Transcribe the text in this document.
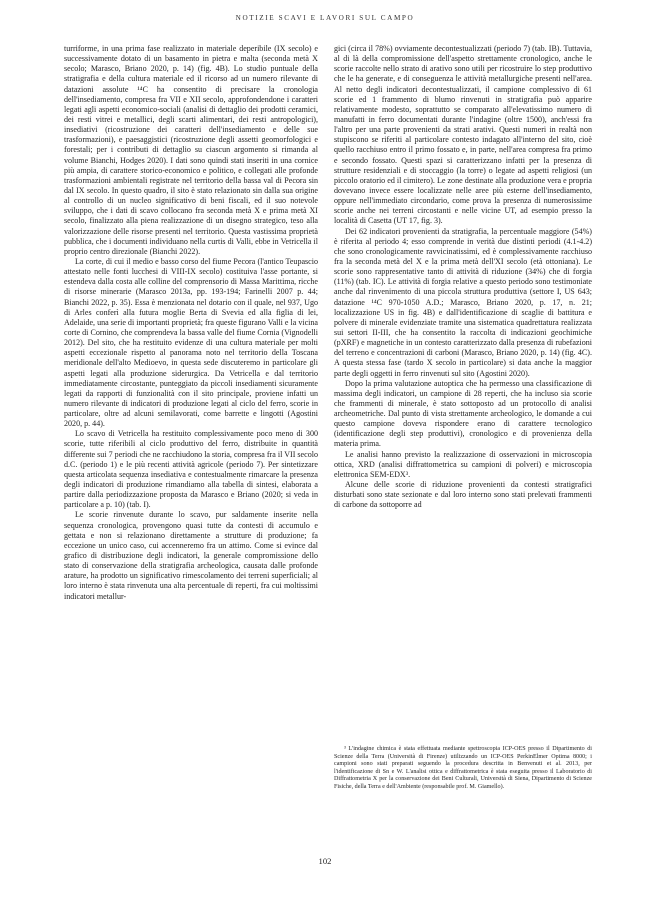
NOTIZIE SCAVI E LAVORI SUL CAMPO

turriforme, in una prima fase realizzato in materiale deperibile (IX secolo) e successivamente dotato di un basamento in pietra e malta (seconda metà X secolo; Marasco, Briano 2020, p. 14) (fig. 4B). Lo studio puntuale della stratigrafia e della cultura materiale ed il ricorso ad un numero rilevante di datazioni assolute ¹⁴C ha consentito di precisare la cronologia dell'insediamento, compresa fra VII e XII secolo, approfondendone i caratteri legati agli aspetti economico-sociali (analisi di dettaglio dei prodotti ceramici, dei resti vitrei e metallici, degli scarti alimentari, dei resti antropologici), insediativi (ricostruzione dei caratteri dell'insediamento e delle sue trasformazioni), e paesaggistici (ricostruzione degli assetti geomorfologici e forestali; per i contributi di dettaglio su ciascun argomento si rimanda al volume Bianchi, Hodges 2020). I dati sono quindi stati inseriti in una cornice più ampia, di carattere storico-economico e politico, e collegati alle profonde trasformazioni ambientali registrate nel territorio della bassa val di Pecora sin dal IX secolo. In questo quadro, il sito è stato relazionato sin dalla sua origine al controllo di un nucleo significativo di beni fiscali, ed il suo notevole sviluppo, che i dati di scavo collocano fra seconda metà X e prima metà XI secolo, finalizzato alla piena realizzazione di un disegno strategico, teso alla valorizzazione delle risorse presenti nel territorio. Questa vastissima proprietà pubblica, che i documenti individuano nella curtis di Valli, ebbe in Vetricella il proprio centro direzionale (Bianchi 2022).

La corte, di cui il medio e basso corso del fiume Pecora (l'antico Teupascio attestato nelle fonti lucchesi di VIII-IX secolo) costituiva l'asse portante, si estendeva dalla costa alle colline del comprensorio di Massa Marittima, ricche di risorse minerarie (Marasco 2013a, pp. 193-194; Farinelli 2007 p. 44; Bianchi 2022, p. 35). Essa è menzionata nel dotario con il quale, nel 937, Ugo di Arles conferì alla futura moglie Berta di Svevia ed alla figlia di lei, Adelaide, una serie di importanti proprietà; fra queste figurano Valli e la vicina corte di Cornino, che comprendeva la bassa valle del fiume Cornia (Vignodelli 2012). Del sito, che ha restituito evidenze di una cultura materiale per molti aspetti eccezionale rispetto al panorama noto nel territorio della Toscana meridionale dell'alto Medioevo, in questa sede discuteremo in particolare gli aspetti legati alla produzione siderurgica. Da Vetricella e dal territorio immediatamente circostante, punteggiato da piccoli insediamenti sicuramente legati da rapporti di funzionalità con il sito principale, proviene infatti un numero rilevante di indicatori di produzione legati al ciclo del ferro, scorie in particolare, oltre ad alcuni semilavorati, come barrette e lingotti (Agostini 2020, p. 44).

Lo scavo di Vetricella ha restituito complessivamente poco meno di 300 scorie, tutte riferibili al ciclo produttivo del ferro, distribuite in quantità differente sui 7 periodi che ne racchiudono la storia, compresa fra il VII secolo d.C. (periodo 1) e le più recenti attività agricole (periodo 7). Per sintetizzare questa articolata sequenza insediativa e contestualmente rimarcare la presenza degli indicatori di produzione rimandiamo alla tabella di sintesi, elaborata a partire dalla periodizzazione proposta da Marasco e Briano (2020; si veda in particolare a p. 10) (tab. I).

Le scorie rinvenute durante lo scavo, pur saldamente inserite nella sequenza cronologica, provengono quasi tutte da contesti di accumulo e gettata e non si relazionano direttamente a strutture di produzione; fa eccezione un unico caso, cui accenneremo fra un attimo. Come si evince dal grafico di distribuzione degli indicatori, la generale compromissione dello stato di conservazione della stratigrafia archeologica, causata dalle profonde arature, ha prodotto un significativo rimescolamento dei terreni superficiali; al loro interno è stata rinvenuta una alta percentuale di reperti, fra cui moltissimi indicatori metallur-

gici (circa il 78%) ovviamente decontestualizzati (periodo 7) (tab. IB). Tuttavia, al di là della compromissione dell'aspetto strettamente cronologico, anche le scorie raccolte nello strato di arativo sono utili per ricostruire lo step produttivo che le ha generate, e di conseguenza le attività metallurgiche presenti nell'area. Al netto degli indicatori decontestualizzati, il campione complessivo di 61 scorie ed 1 frammento di blumo rinvenuti in stratigrafia può apparire relativamente modesto, soprattutto se comparato all'elevatissimo numero di manufatti in ferro documentati durante l'indagine (oltre 1500), anch'essi fra l'altro per una parte provenienti da strati arativi. Questi numeri in realtà non stupiscono se riferiti al particolare contesto indagato all'interno del sito, cioè quello racchiuso entro il primo fossato e, in parte, nell'area compresa fra primo e secondo fossato. Questi spazi si caratterizzano infatti per la presenza di strutture residenziali e di stoccaggio (la torre) o legate ad aspetti religiosi (un piccolo oratorio ed il cimitero). Le zone destinate alla produzione vera e propria dovevano invece essere localizzate nelle aree più esterne dell'insediamento, oppure nell'immediato circondario, come prova la presenza di numerosissime scorie anche nei terreni circostanti e nelle vicine UT, ad esempio presso la località di Casetta (UT 17, fig. 3).

Dei 62 indicatori provenienti da stratigrafia, la percentuale maggiore (54%) è riferita al periodo 4; esso comprende in verità due distinti periodi (4.1-4.2) che sono cronologicamente ravvicinatissimi, ed è complessivamente racchiuso fra la seconda metà del X e la prima metà dell'XI secolo (età ottoniana). Le scorie sono rappresentative tanto di attività di riduzione (34%) che di forgia (11%) (tab. IC). Le attività di forgia relative a questo periodo sono testimoniate anche dal rinvenimento di una piccola struttura produttiva (settore I, US 643; datazione ¹⁴C 970-1050 A.D.; Marasco, Briano 2020, p. 17, n. 21; localizzazione US in fig. 4B) e dall'identificazione di scaglie di battitura e polvere di minerale evidenziate tramite una sistematica quadrettatura realizzata sui settori II-III, che ha consentito la raccolta di indicazioni geochimiche (pXRF) e magnetiche in un contesto caratterizzato dalla presenza di rubefazioni del terreno e concentrazioni di carboni (Marasco, Briano 2020, p. 14) (fig. 4C). A questa stessa fase (tardo X secolo in particolare) si data anche la maggior parte degli oggetti in ferro rinvenuti sul sito (Agostini 2020).

Dopo la prima valutazione autoptica che ha permesso una classificazione di massima degli indicatori, un campione di 28 reperti, che ha incluso sia scorie che frammenti di minerale, è stato sottoposto ad un protocollo di analisi archeometriche. Dal punto di vista strettamente archeologico, le domande a cui questo campione doveva rispondere erano di carattere tecnologico (identificazione degli step produttivi), cronologico e di provenienza della materia prima.

Le analisi hanno previsto la realizzazione di osservazioni in microscopia ottica, XRD (analisi diffrattometrica su campioni di polveri) e microscopia elettronica SEM-EDX³.

Alcune delle scorie di riduzione provenienti da contesti stratigrafici disturbati sono state sezionate e dal loro interno sono stati prelevati frammenti di carbone da sottoporre ad

³ L'indagine chimica è stata effettuata mediante spettroscopia ICP-OES presso il Dipartimento di Scienze della Terra (Università di Firenze) utilizzando un ICP-OES PerkinElmer Optima 8000; i campioni sono stati preparati seguendo la procedura descritta in Benvenuti et al. 2013, per l'identificazione di Sn e W. L'analisi ottica e diffrattometrica è stata eseguita presso il Laboratorio di Diffrattometria X per la conservazione dei Beni Culturali, Università di Siena, Dipartimento di Scienze Fisiche, della Terra e dell'Ambiente (responsabile prof. M. Giamello).

102
